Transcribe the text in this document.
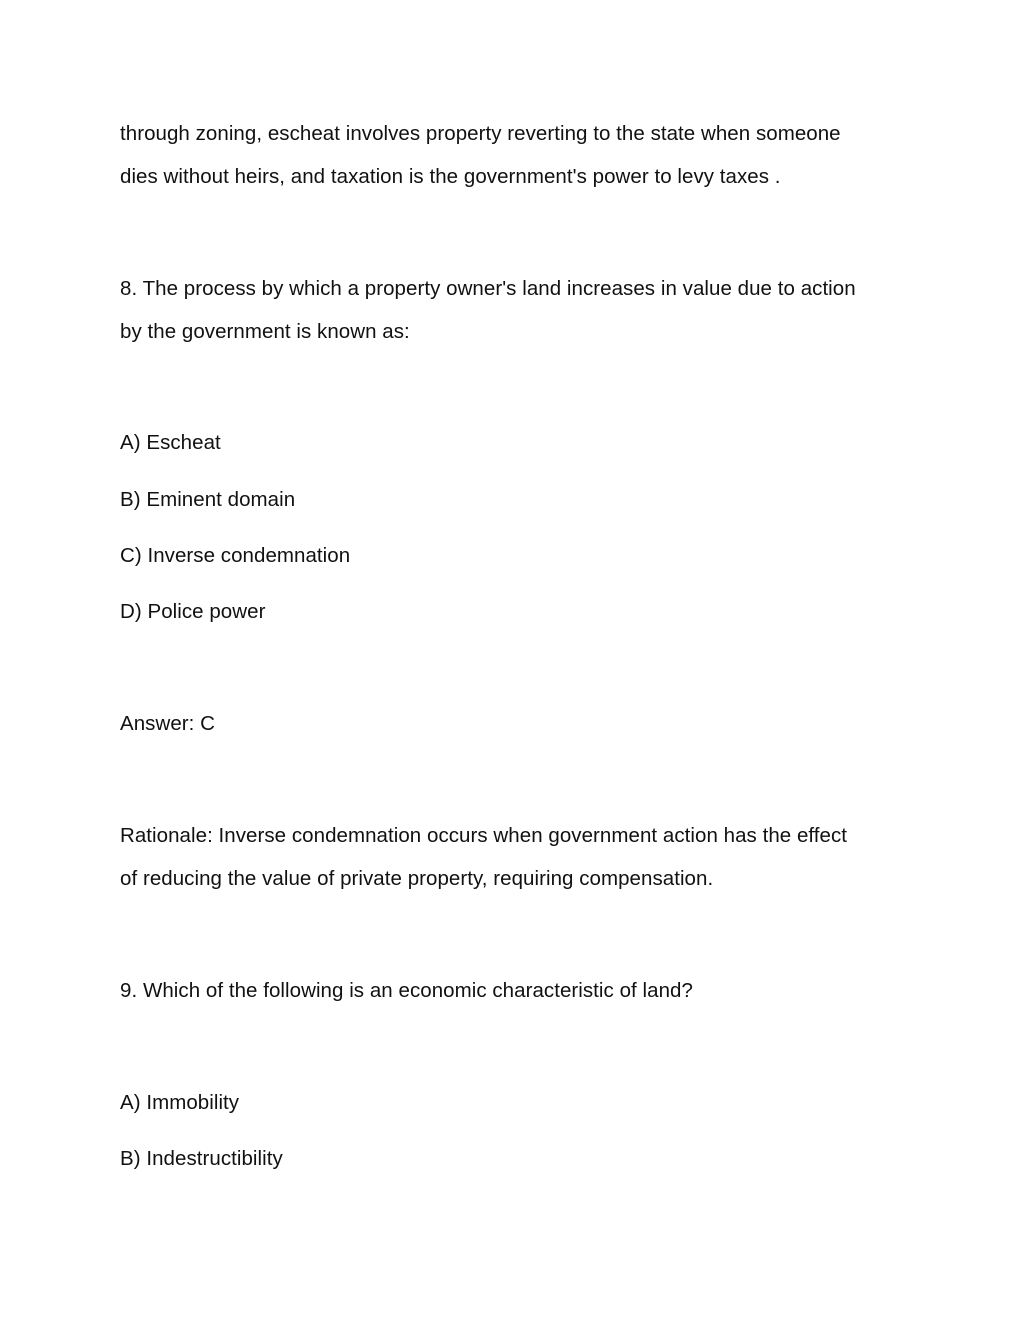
through zoning, escheat involves property reverting to the state when someone
dies without heirs, and taxation is the government's power to levy taxes .
8. The process by which a property owner's land increases in value due to action
by the government is known as:
A) Escheat
B) Eminent domain
C) Inverse condemnation
D) Police power
Answer: C
Rationale: Inverse condemnation occurs when government action has the effect
of reducing the value of private property, requiring compensation.
9. Which of the following is an economic characteristic of land?
A) Immobility
B) Indestructibility
